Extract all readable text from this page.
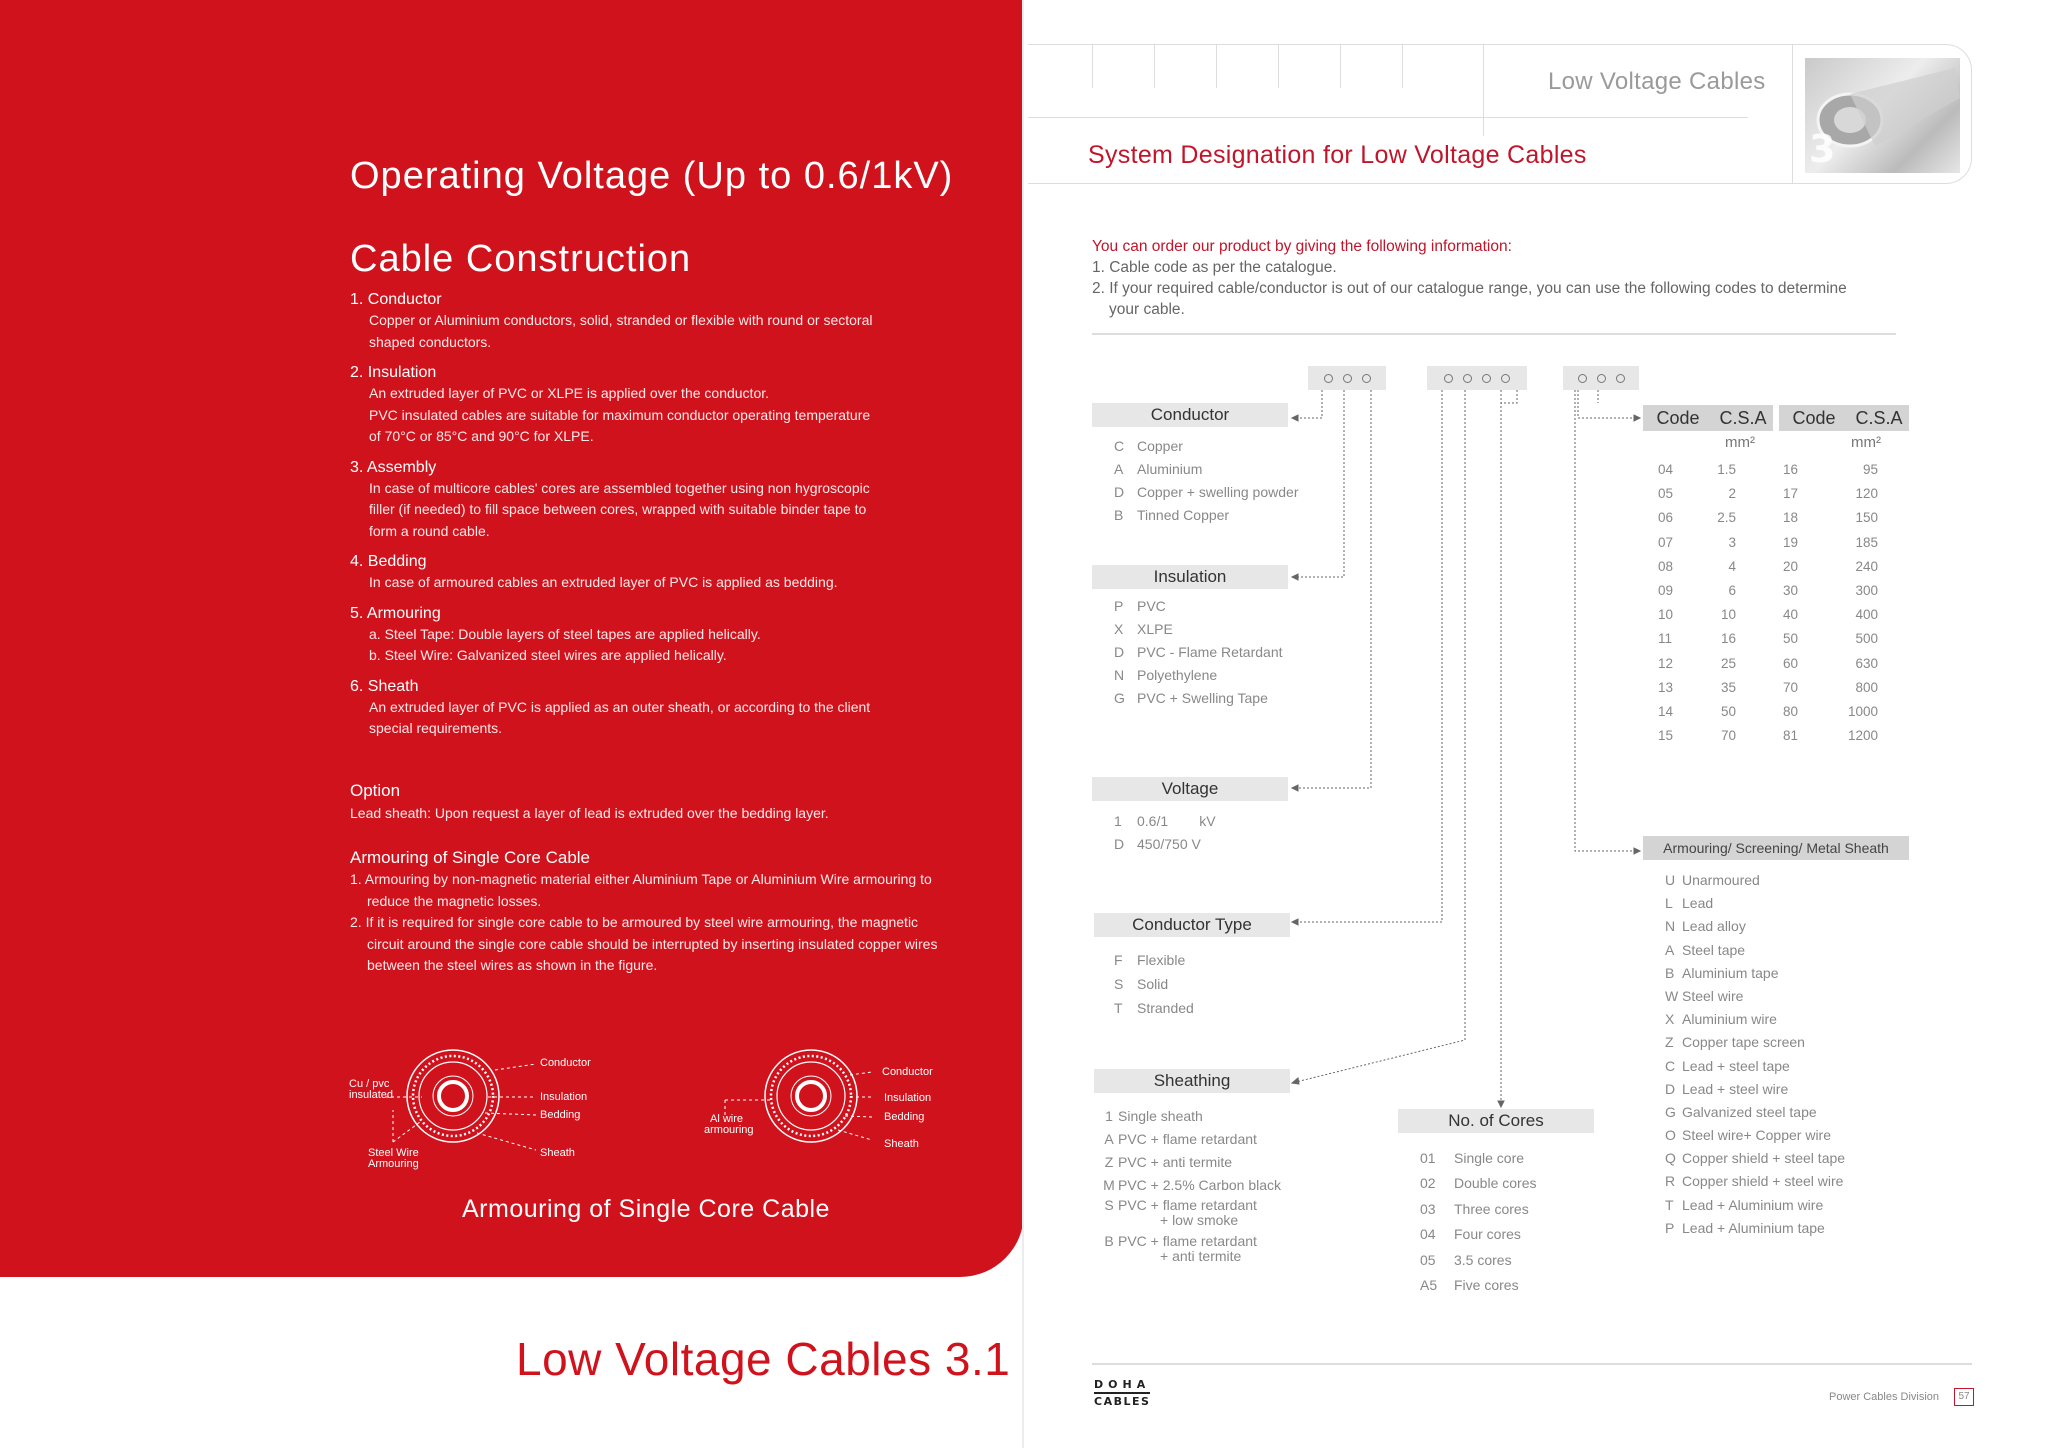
Operating Voltage (Up to 0.6/1kV)
Cable Construction
1. Conductor
Copper or Aluminium conductors, solid, stranded or flexible with round or sectoral
shaped conductors.
2. Insulation
An extruded layer of PVC or XLPE is applied over the conductor.
PVC insulated cables are suitable for maximum conductor operating temperature
of 70°C or 85°C and 90°C for XLPE.
3. Assembly
In case of multicore cables' cores are assembled together using non hygroscopic
filler (if needed) to fill space between cores, wrapped with suitable binder tape to
form a round cable.
4. Bedding
In case of armoured cables an extruded layer of PVC is applied as bedding.
5. Armouring
a. Steel Tape: Double layers of steel tapes are applied helically.
b. Steel Wire: Galvanized steel wires are applied helically.
6. Sheath
An extruded layer of PVC is applied as an outer sheath, or according to the client
special requirements.
Option
Lead sheath: Upon request a layer of lead is extruded over the bedding layer.
Armouring of Single Core Cable
1. Armouring by non-magnetic material either Aluminium Tape or Aluminium Wire armouring to reduce the magnetic losses.
2. If it is required for single core cable to be armoured by steel wire armouring, the magnetic circuit around the single core cable should be interrupted by inserting insulated copper wires between the steel wires as shown in the figure.
Cu / pvc
insulated
Conductor
Insulation
Bedding
Steel Wire
Armouring
Sheath
Al wire
armouring
Conductor
Insulation
Bedding
Sheath
Armouring of Single Core Cable
Low Voltage Cables 3.1
Low Voltage Cables
System Designation for Low Voltage Cables	3
You can order our product by giving the following information:
1. Cable code as per the catalogue.
2. If your required cable/conductor is out of our catalogue range, you can use the following codes to determine
your cable.
Conductor
C Copper
A Aluminium
D Copper + swelling powder
B Tinned Copper
Insulation
P PVC
X XLPE
D PVC - Flame Retardant
N Polyethylene
G PVC + Swelling Tape
Voltage
1	0.6/1        kV
D 450/750 V
Conductor Type
F	Flexible
S Solid
T	Stranded
Sheathing
1 Single sheath
A PVC + flame retardant
Z PVC + anti termite
M PVC + 2.5% Carbon black
S PVC + flame retardant
+ low smoke
B PVC + flame retardant
+ anti termite
No. of Cores
01	Single core
02	Double cores
03	Three cores
04	Four cores
05	3.5 cores
A5	Five cores
Code	C.S.A	Code	C.S.A
mm²	mm²
04	1.5	16	95
05	2	17	120
06	2.5	18	150
07	3	19	185
08	4	20	240
09	6	30	300
10	10	40	400
11	16	50	500
12	25	60	630
13	35	70	800
14	50	80	1000
15	70	81	1200
Armouring/ Screening/ Metal Sheath
U Unarmoured
L Lead
N Lead alloy
A Steel tape
B Aluminium tape
W Steel wire
X Aluminium wire
Z Copper tape screen
C Lead + steel tape
D Lead + steel wire
G Galvanized steel tape
O Steel wire+ Copper wire
Q Copper shield + steel tape
R Copper shield + steel wire
T Lead + Aluminium wire
P Lead + Aluminium tape
DOHA
CABLES	Power Cables Division	57
